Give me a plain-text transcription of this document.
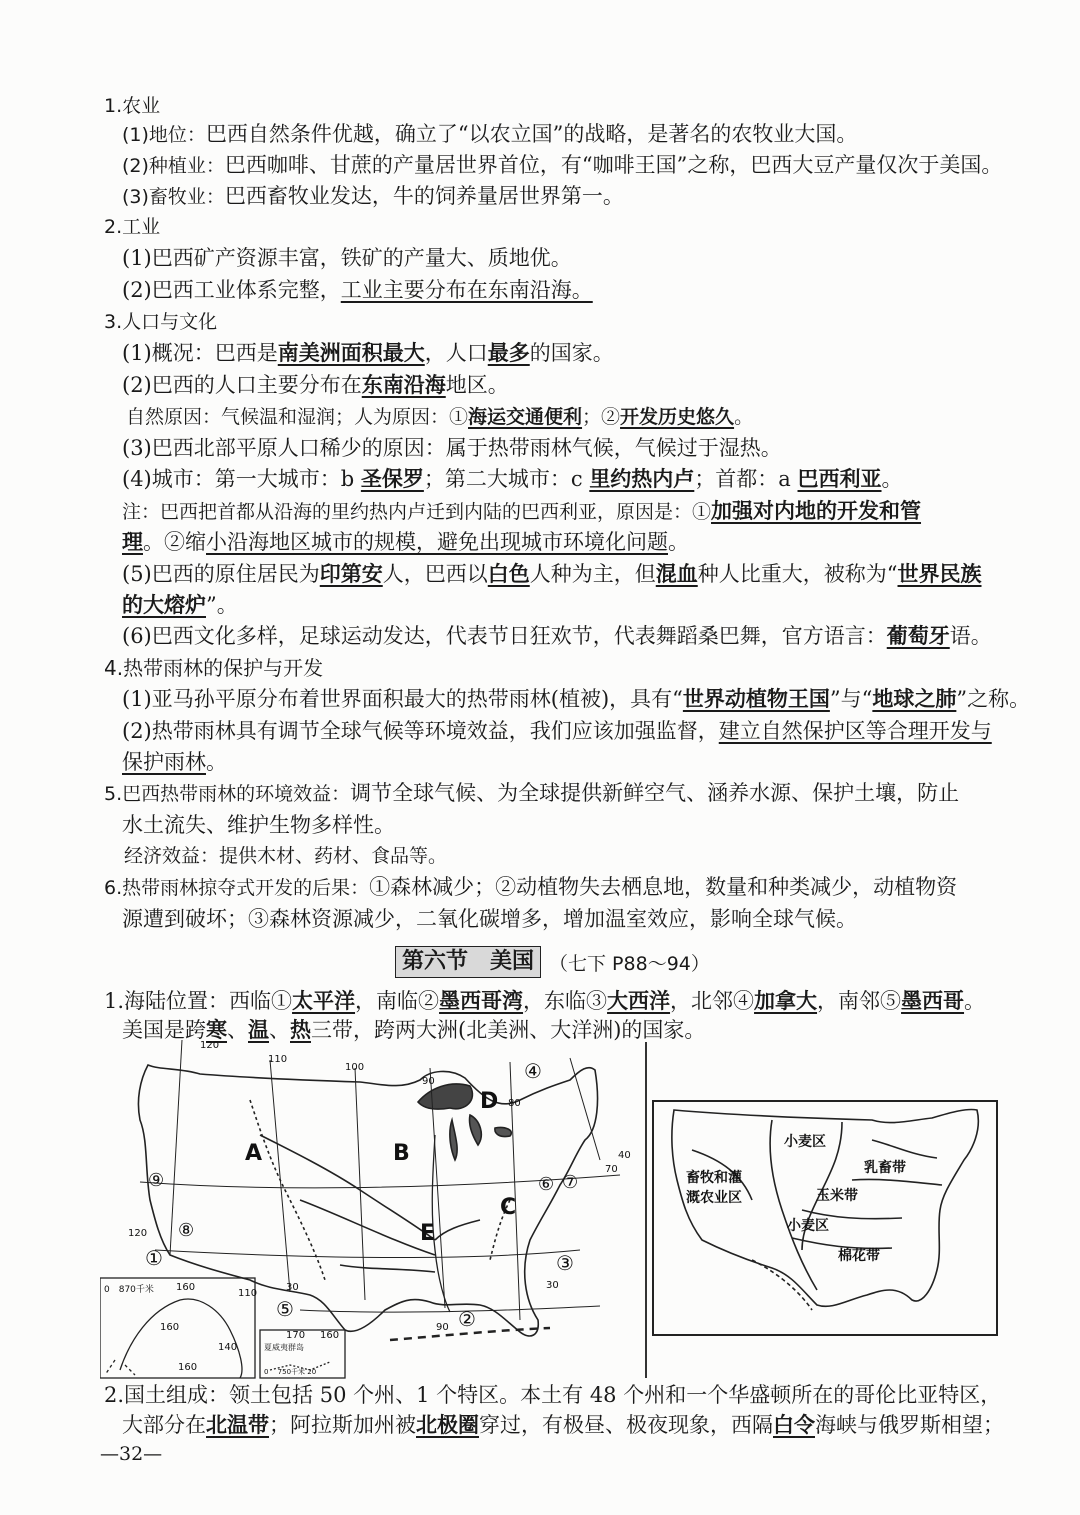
1.农业
(1)地位：巴西自然条件优越，确立了“以农立国”的战略，是著名的农牧业大国。
(2)种植业：巴西咖啡、甘蔗的产量居世界首位，有“咖啡王国”之称，巴西大豆产量仅次于美国。
(3)畜牧业：巴西畜牧业发达，牛的饲养量居世界第一。
2.工业
(1)巴西矿产资源丰富，铁矿的产量大、质地优。
(2)巴西工业体系完整，工业主要分布在东南沿海。
3.人口与文化
(1)概况：巴西是南美洲面积最大，人口最多的国家。
(2)巴西的人口主要分布在东南沿海地区。
自然原因：气候温和湿润；人为原因：①海运交通便利；②开发历史悠久。
(3)巴西北部平原人口稀少的原因：属于热带雨林气候，气候过于湿热。
(4)城市：第一大城市：b 圣保罗；第二大城市：c 里约热内卢；首都：a 巴西利亚。
注：巴西把首都从沿海的里约热内卢迁到内陆的巴西利亚，原因是：①加强对内地的开发和管
理。②缩小沿海地区城市的规模，避免出现城市环境化问题。
(5)巴西的原住居民为印第安人，巴西以白色人种为主，但混血种人比重大，被称为“世界民族
的大熔炉”。
(6)巴西文化多样，足球运动发达，代表节日狂欢节，代表舞蹈桑巴舞，官方语言：葡萄牙语。
4.热带雨林的保护与开发
(1)亚马孙平原分布着世界面积最大的热带雨林(植被)，具有“世界动植物王国”与“地球之肺”之称。
(2)热带雨林具有调节全球气候等环境效益，我们应该加强监督，建立自然保护区等合理开发与
保护雨林。
5.巴西热带雨林的环境效益：调节全球气候、为全球提供新鲜空气、涵养水源、保护土壤，防止
水土流失、维护生物多样性。
经济效益：提供木材、药材、食品等。
6.热带雨林掠夺式开发的后果：①森林减少；②动植物失去栖息地，数量和种类减少，动植物资
源遭到破坏；③森林资源减少，二氧化碳增多，增加温室效应，影响全球气候。
第六节　美国 （七下 P88～94）
1.海陆位置：西临①太平洋，南临②墨西哥湾，东临③大西洋，北邻④加拿大，南邻⑤墨西哥。
美国是跨寒、温、热三带，跨两大洲(北美洲、大洋洲)的国家。
A	B
C
D
E
④
①
②
③
⑤
⑥ ⑦
⑧
⑨
120
110
100
90
80
70
40
120
110
90
30	30
160
140
160
170 160
160
0　870千米
夏威夷群岛
0 　750千米 20
小麦区
乳畜带
畜牧和灌
溉农业区	玉米带
小麦区
棉花带
2.国土组成：领土包括 50 个州、1 个特区。本土有 48 个州和一个华盛顿所在的哥伦比亚特区，
大部分在北温带；阿拉斯加州被北极圈穿过，有极昼、极夜现象，西隔白令海峡与俄罗斯相望；
—32—
